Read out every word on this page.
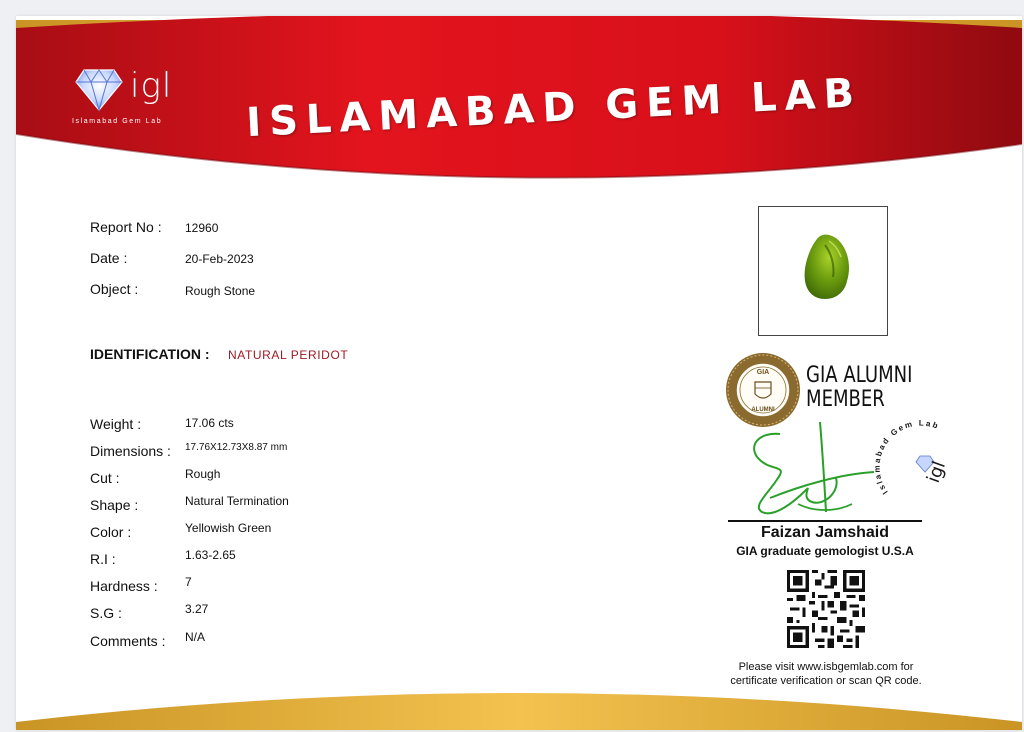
igl
Islamabad Gem Lab ISLAMABAD GEM LAB
Report No : 12960
Date :	20-Feb-2023
Object :	Rough Stone
IDENTIFICATION : NATURAL PERIDOT
Weight :	17.06 cts
Dimensions : 17.76X12.73X8.87 mm
Cut :	Rough
Shape :	Natural Termination
Color :	Yellowish Green
R.I :	1.63-2.65
Hardness : 7
S.G :	3.27
Comments : N/A
GIA
ALUMNI
GIA ALUMNI
MEMBER
Islamabad Gem Lab
igl
Faizan Jamshaid
GIA graduate gemologist U.S.A
Please visit www.isbgemlab.com for
certificate verification or scan QR code.
